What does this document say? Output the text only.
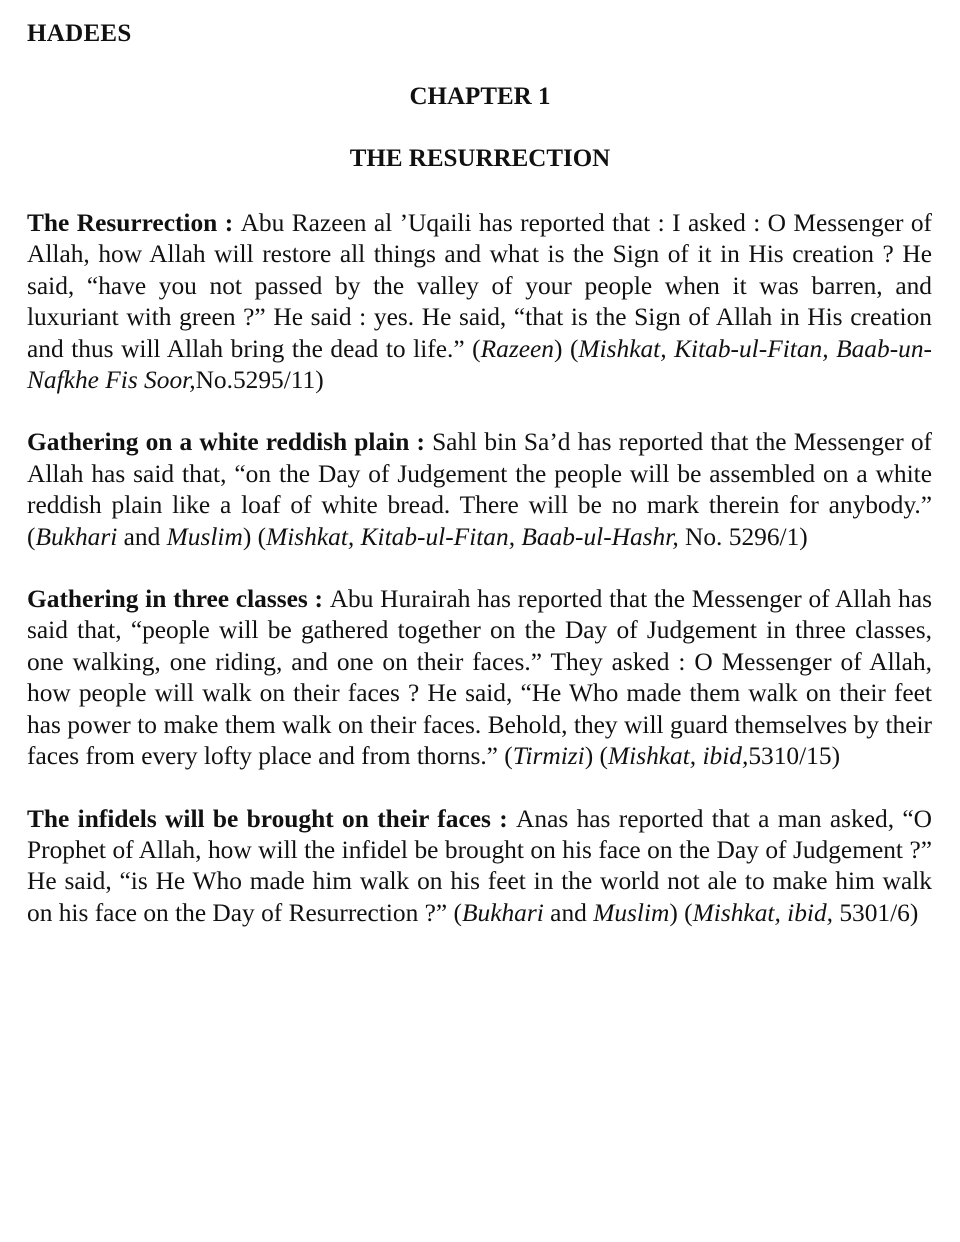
HADEES
CHAPTER 1
THE RESURRECTION

The Resurrection : Abu Razeen al ’Uqaili has reported that : I asked : O Messenger of Allah, how Allah will restore all things and what is the Sign of it in His creation ? He said, “have you not passed by the valley of your people when it was barren, and luxuriant with green ?” He said : yes. He said, “that is the Sign of Allah in His creation and thus will Allah bring the dead to life.” (Razeen) (Mishkat, Kitab-ul-Fitan, Baab-un-Nafkhe Fis Soor,No.5295/11)

Gathering on a white reddish plain : Sahl bin Sa’d has reported that the Messenger of Allah has said that, “on the Day of Judgement the people will be assembled on a white reddish plain like a loaf of white bread. There will be no mark therein for anybody.” (Bukhari and Muslim) (Mishkat, Kitab-ul-Fitan, Baab-ul-Hashr, No. 5296/1)

Gathering in three classes : Abu Hurairah has reported that the Messenger of Allah has said that, “people will be gathered together on the Day of Judgement in three classes, one walking, one riding, and one on their faces.” They asked : O Messenger of Allah, how people will walk on their faces ? He said, “He Who made them walk on their feet has power to make them walk on their faces. Behold, they will guard themselves by their faces from every lofty place and from thorns.” (Tirmizi) (Mishkat, ibid,5310/15)

The infidels will be brought on their faces : Anas has reported that a man asked, “O Prophet of Allah, how will the infidel be brought on his face on the Day of Judgement ?” He said, “is He Who made him walk on his feet in the world not ale to make him walk on his face on the Day of Resurrection ?” (Bukhari and Muslim) (Mishkat, ibid, 5301/6)
